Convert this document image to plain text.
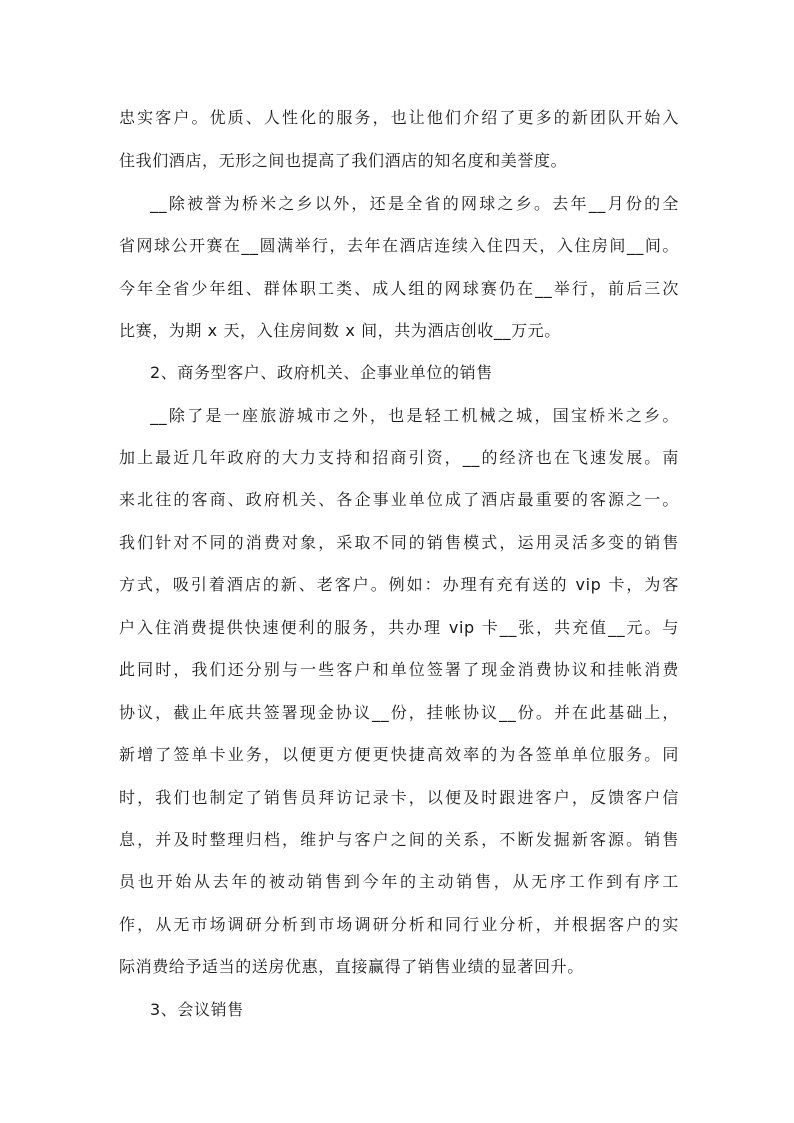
忠实客户。优质、人性化的服务，也让他们介绍了更多的新团队开始入
住我们酒店，无形之间也提高了我们酒店的知名度和美誉度。
__除被誉为桥米之乡以外，还是全省的网球之乡。去年__月份的全
省网球公开赛在__圆满举行，去年在酒店连续入住四天，入住房间__间。
今年全省少年组、群体职工类、成人组的网球赛仍在__举行，前后三次
比赛，为期 x 天，入住房间数 x 间，共为酒店创收__万元。
2、商务型客户、政府机关、企事业单位的销售
__除了是一座旅游城市之外，也是轻工机械之城，国宝桥米之乡。
加上最近几年政府的大力支持和招商引资，__的经济也在飞速发展。南
来北往的客商、政府机关、各企事业单位成了酒店最重要的客源之一。
我们针对不同的消费对象，采取不同的销售模式，运用灵活多变的销售
方式，吸引着酒店的新、老客户。例如：办理有充有送的 vip 卡，为客
户入住消费提供快速便利的服务，共办理 vip 卡__张，共充值__元。与
此同时，我们还分别与一些客户和单位签署了现金消费协议和挂帐消费
协议，截止年底共签署现金协议__份，挂帐协议__份。并在此基础上，
新增了签单卡业务，以便更方便更快捷高效率的为各签单单位服务。同
时，我们也制定了销售员拜访记录卡，以便及时跟进客户，反馈客户信
息，并及时整理归档，维护与客户之间的关系，不断发掘新客源。销售
员也开始从去年的被动销售到今年的主动销售，从无序工作到有序工
作，从无市场调研分析到市场调研分析和同行业分析，并根据客户的实
际消费给予适当的送房优惠，直接赢得了销售业绩的显著回升。
3、会议销售
